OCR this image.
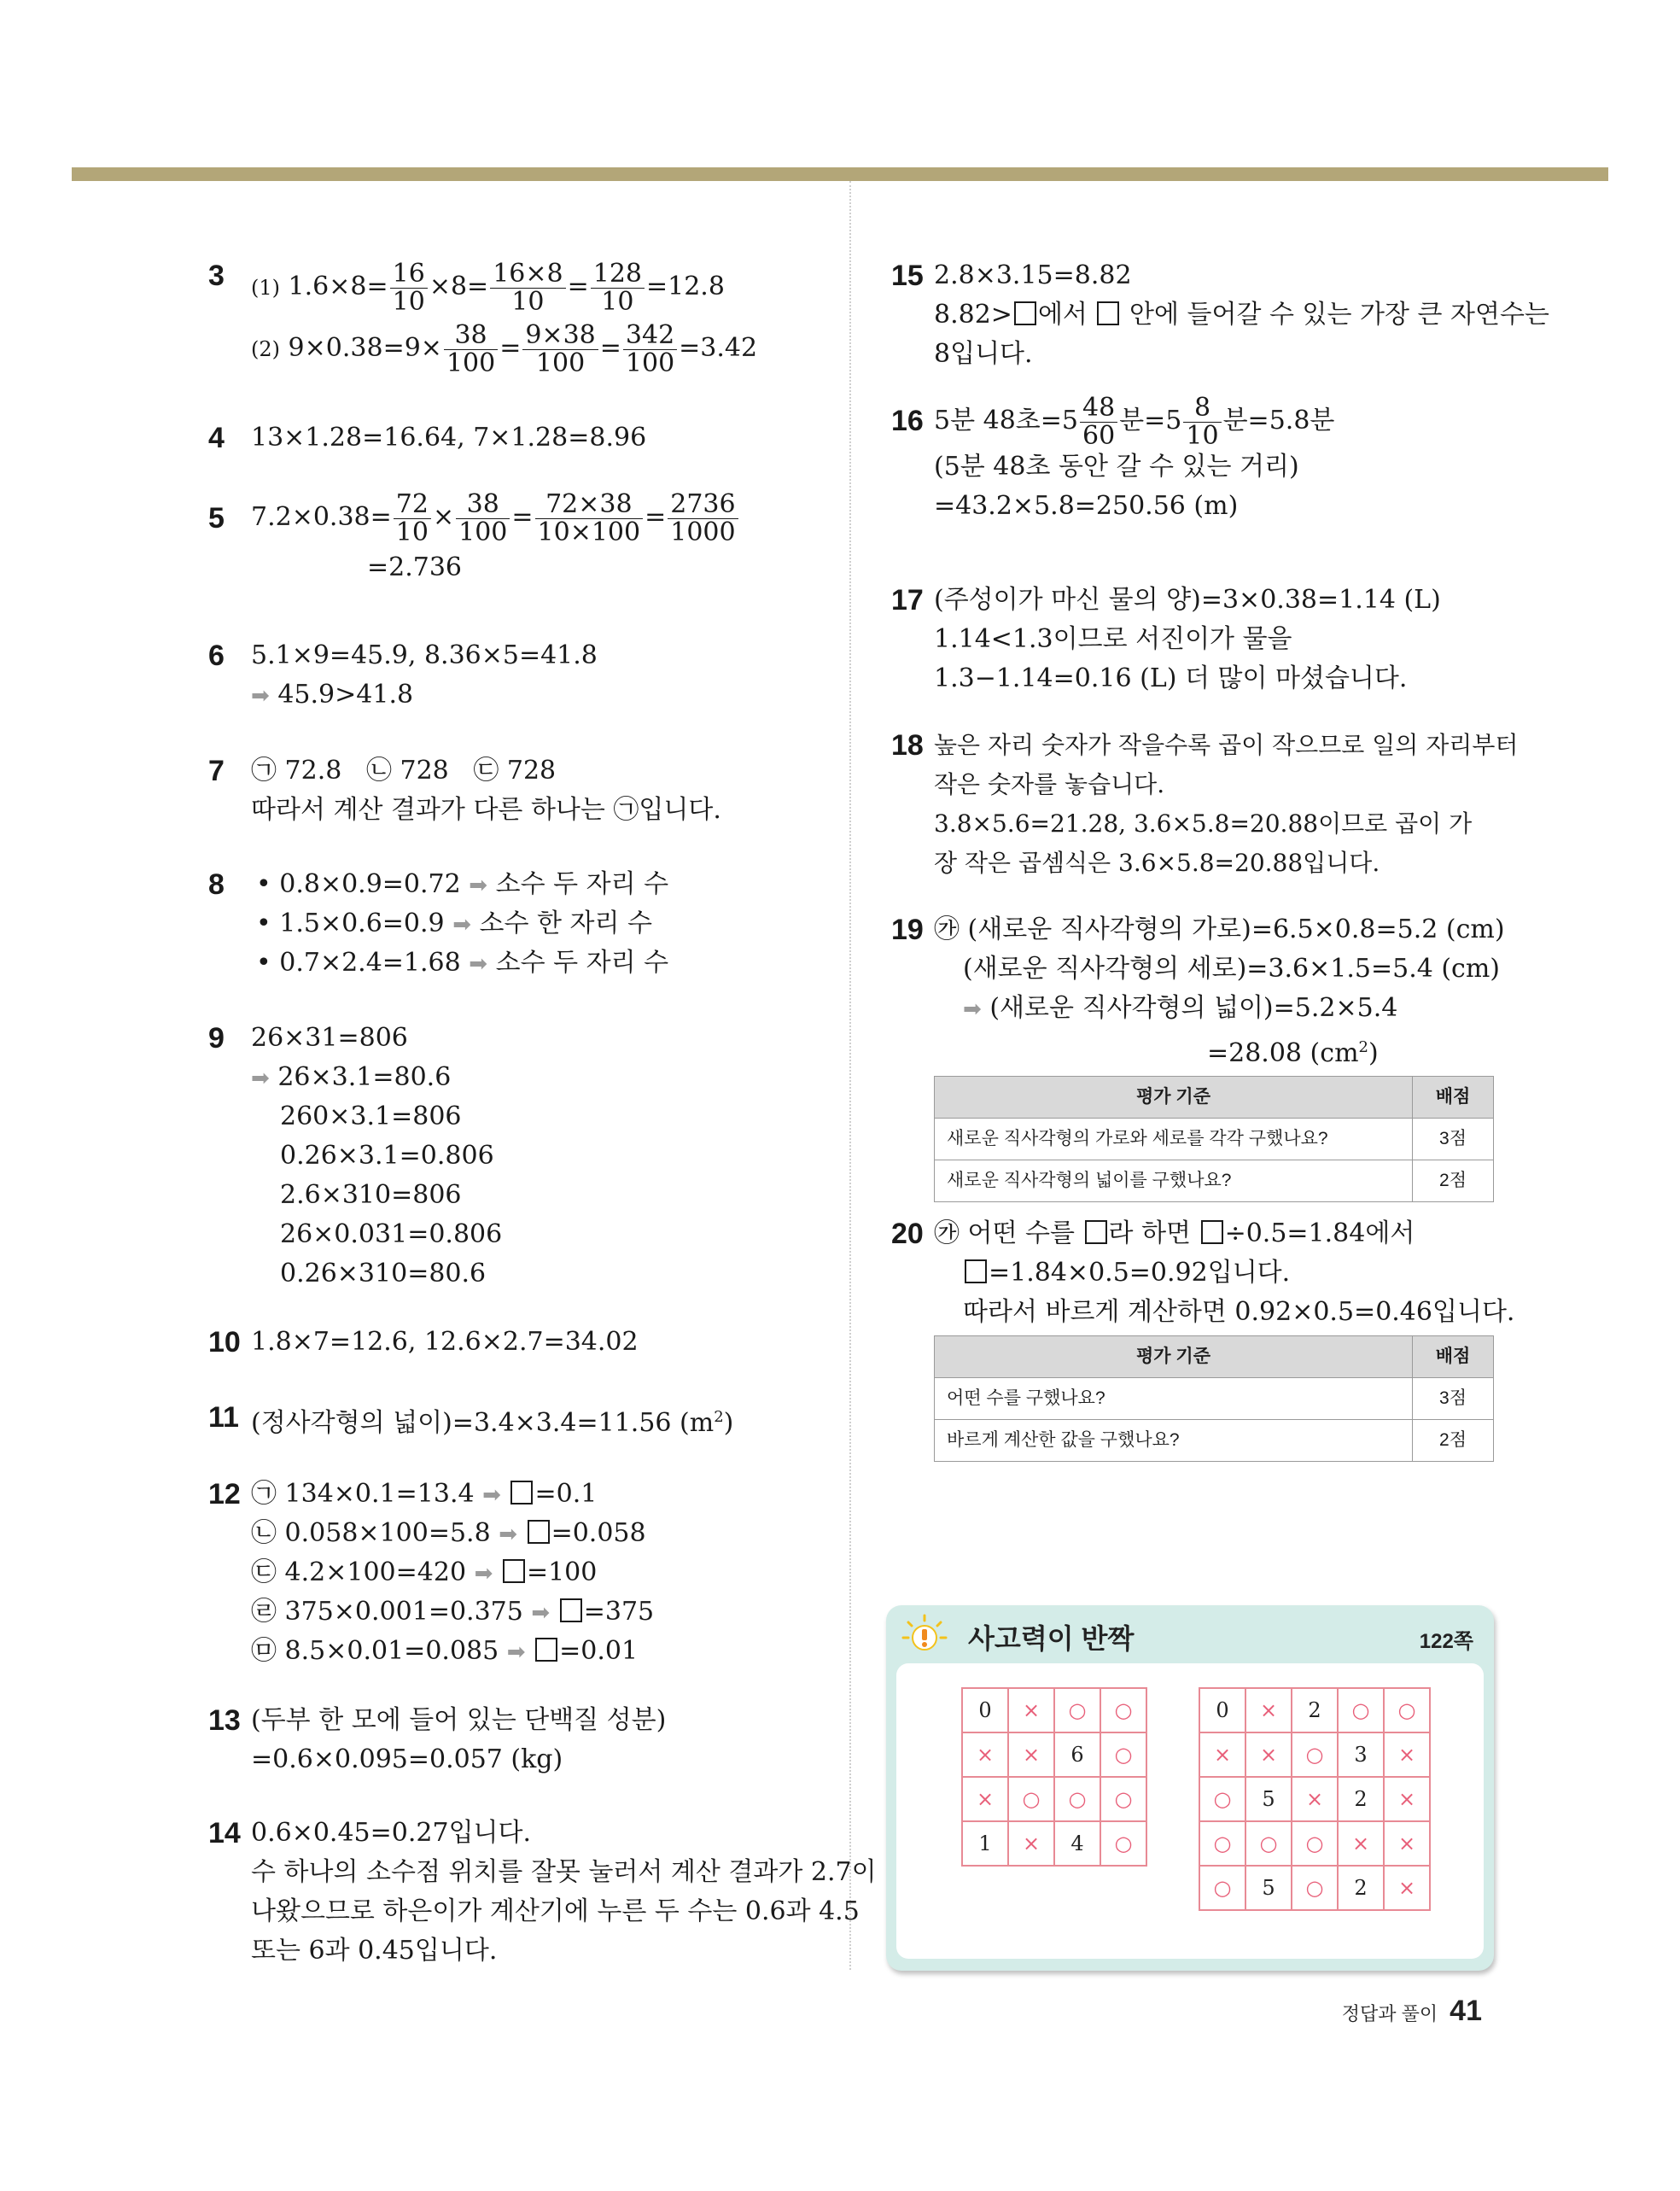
3 (1) $1.6\times 8= \frac{16}{10} \times 8= \frac{16\times 8}{10} = \frac{128}{10} =12.8$
(2) $9\times 0.38=9\times \frac{38}{100} = \frac{9\times 38}{100} = \frac{342}{100} =3.42$
4 13×1.28=16.64, 7×1.28=8.96
5 $7.2\times 0.38= \frac{72}{10} \times \frac{38}{100} = \frac{72\times 38}{10\times 100} = \frac{2736}{1000}$
=2.736
6 5.1×9=45.9, 8.36×5=41.8
➡ 45.9>41.8
7 ㉠ 72.8   ㉡ 728   ㉢ 728
따라서 계산 결과가 다른 하나는 ㉠입니다.
8 • 0.8×0.9=0.72 ➡ 소수 두 자리 수
• 1.5×0.6=0.9 ➡ 소수 한 자리 수
• 0.7×2.4=1.68 ➡ 소수 두 자리 수
9 26×31=806
➡ 26×3.1=80.6
260×3.1=806
0.26×3.1=0.806
2.6×310=806
26×0.031=0.806
0.26×310=80.6
10 1.8×7=12.6, 12.6×2.7=34.02
11 (정사각형의 넓이)=3.4×3.4=11.56 $(m^2)$
12 ㉠ 134×0.1=13.4 ➡ =0.1
㉡ 0.058×100=5.8 ➡ =0.058
㉢ 4.2×100=420 ➡ =100
㉣ 375×0.001=0.375 ➡ =375
㉤ 8.5×0.01=0.085 ➡ =0.01
13 (두부 한 모에 들어 있는 단백질 성분)
=0.6×0.095=0.057 (kg)
14 0.6×0.45=0.27입니다.
수 하나의 소수점 위치를 잘못 눌러서 계산 결과가 2.7이
나왔으므로 하은이가 계산기에 누른 두 수는 0.6과 4.5
또는 6과 0.45입니다.
15 2.8×3.15=8.82
8.82> 에서 안에 들어갈 수 있는 가장 큰 자연수는
8입니다.
16 5분 48초$=5 \frac{48}{60}$ 분$=5 \frac{8}{10}$ 분=5.8분
(5분 48초 동안 갈 수 있는 거리)
=43.2×5.8=250.56 (m)
17 (주성이가 마신 물의 양)=3×0.38=1.14 (L)
1.14<1.3이므로 서진이가 물을
1.3−1.14=0.16 (L) 더 많이 마셨습니다.
18 높은 자리 숫자가 작을수록 곱이 작으므로 일의 자리부터
작은 숫자를 놓습니다.
3.8×5.6=21.28, 3.6×5.8=20.88이므로 곱이 가
장 작은 곱셈식은 3.6×5.8=20.88입니다.
19 ㉮ (새로운 직사각형의 가로)=6.5×0.8=5.2 (cm)
(새로운 직사각형의 세로)=3.6×1.5=5.4 (cm)
➡ (새로운 직사각형의 넓이)=5.2×5.4
=28.08 $(cm^2)$
평가 기준	배점
새로운 직사각형의 가로와 세로를 각각 구했나요?	3점
새로운 직사각형의 넓이를 구했나요?	2점
20 ㉮ 어떤 수를 라 하면 ÷0.5=1.84에서
=1.84×0.5=0.92입니다.
따라서 바르게 계산하면 0.92×0.5=0.46입니다.
평가 기준	배점
어떤 수를 구했나요?	3점
바르게 계산한 값을 구했나요?	2점
사고력이 반짝	122쪽
0	×	○	○
×	×	6	○
×	○	○	○
1	×	4	○
0	×	2	○	○
×	×	○	3	×
○	5	×	2	×
○	○	○	×	×
○	5	○	2	×
정답과 풀이 41
